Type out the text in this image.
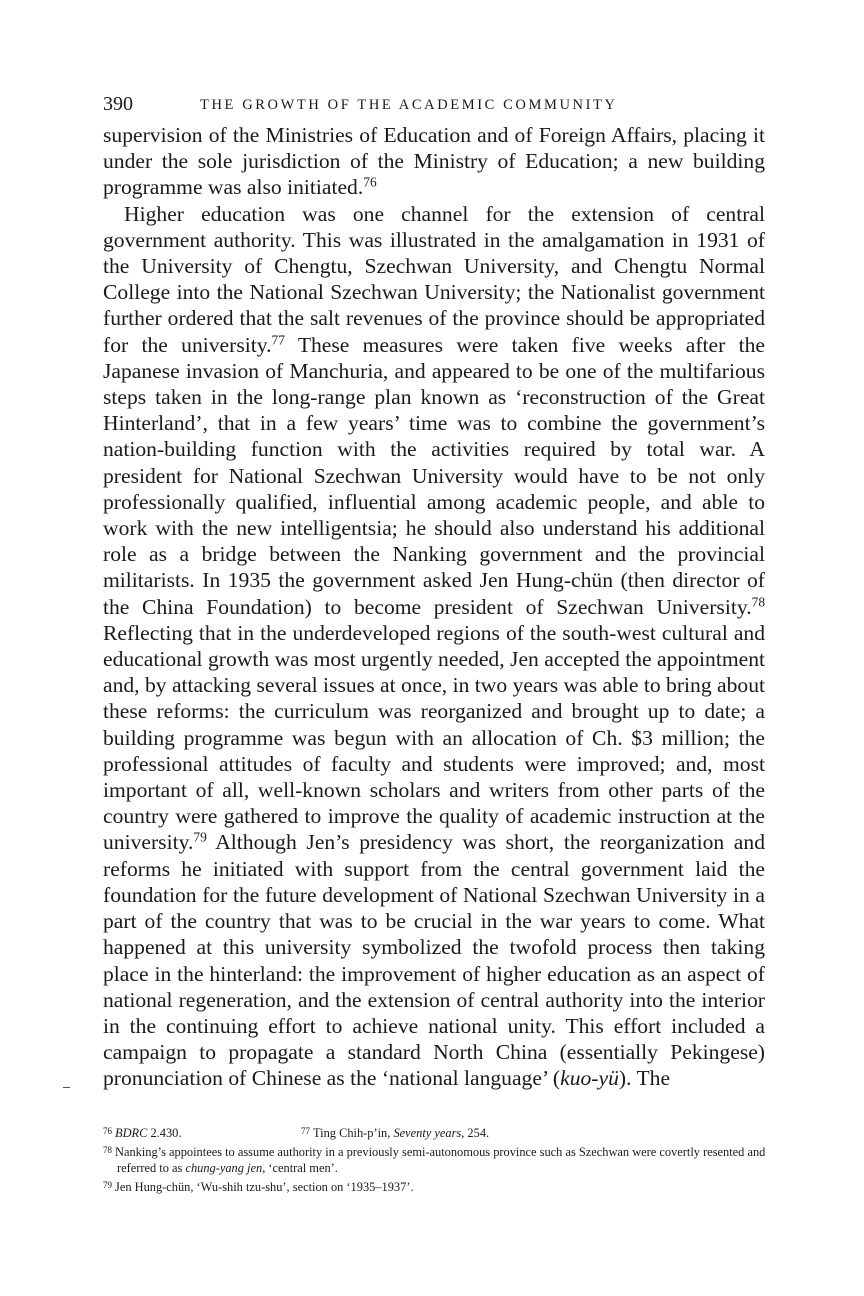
390	THE GROWTH OF THE ACADEMIC COMMUNITY

supervision of the Ministries of Education and of Foreign Affairs, placing it under the sole jurisdiction of the Ministry of Education; a new building programme was also initiated.$^{76}$

Higher education was one channel for the extension of central government authority. This was illustrated in the amalgamation in 1931 of the University of Chengtu, Szechwan University, and Chengtu Normal College into the National Szechwan University; the Nationalist government further ordered that the salt revenues of the province should be appropriated for the university.$^{77}$ These measures were taken five weeks after the Japanese invasion of Manchuria, and appeared to be one of the multifarious steps taken in the long-range plan known as ‘reconstruction of the Great Hinterland’, that in a few years’ time was to combine the government’s nation-building function with the activities required by total war. A president for National Szechwan University would have to be not only professionally qualified, influential among academic people, and able to work with the new intelligentsia; he should also understand his additional role as a bridge between the Nanking government and the provincial militarists. In 1935 the government asked Jen Hung-chün (then director of the China Foundation) to become president of Szechwan University.$^{78}$ Reflecting that in the underdeveloped regions of the south-west cultural and educational growth was most urgently needed, Jen accepted the appointment and, by attacking several issues at once, in two years was able to bring about these reforms: the curriculum was reorganized and brought up to date; a building programme was begun with an allocation of Ch. $3 million; the professional attitudes of faculty and students were improved; and, most important of all, well-known scholars and writers from other parts of the country were gathered to improve the quality of academic instruction at the university.$^{79}$ Although Jen’s presidency was short, the reorganization and reforms he initiated with support from the central government laid the foundation for the future development of National Szechwan University in a part of the country that was to be crucial in the war years to come. What happened at this university symbolized the twofold process then taking place in the hinterland: the improvement of higher education as an aspect of national regeneration, and the extension of central authority into the interior in the continuing effort to achieve national unity. This effort included a campaign to propagate a standard North China (essentially Pekingese) pronunciation of Chinese as the ‘national language’ (kuo-yü). The

$^{76}$ BDRC 2.430.	$^{77}$ Ting Chih-p’in, Seventy years, 254.

$^{78}$ Nanking’s appointees to assume authority in a previously semi-autonomous province such as Szechwan were covertly resented and referred to as chung-yang jen, ‘central men’.
$^{79}$ Jen Hung-chün, ‘Wu-shih tzu-shu’, section on ‘1935–1937’.
